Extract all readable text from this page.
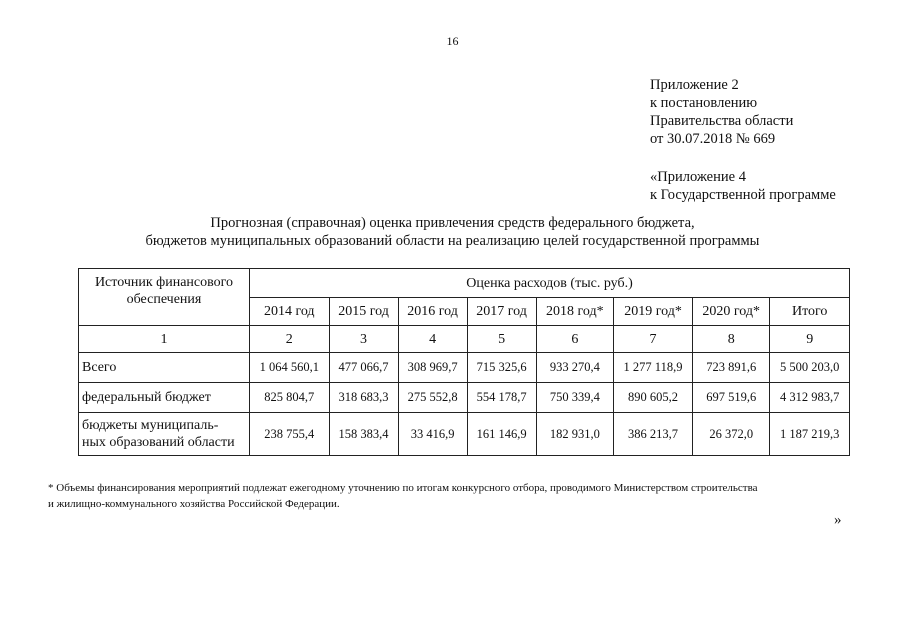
16
Приложение 2
к постановлению
Правительства области
от 30.07.2018 № 669
«Приложение 4
к Государственной программе
Прогнозная (справочная) оценка привлечения средств федерального бюджета,
бюджетов муниципальных образований области на реализацию целей государственной программы
Источник финансового обеспечения	Оценка расходов (тыс. руб.)							
	2014 год	2015 год	2016 год	2017 год	2018 год*	2019 год*	2020 год*	Итого
1	2	3	4	5	6	7	8	9
Всего	1 064 560,1	477 066,7	308 969,7	715 325,6	933 270,4	1 277 118,9	723 891,6	5 500 203,0
федеральный бюджет	825 804,7	318 683,3	275 552,8	554 178,7	750 339,4	890 605,2	697 519,6	4 312 983,7

бюджеты муниципаль-
ных образований области	238 755,4	158 383,4	33 416,9	161 146,9	182 931,0	386 213,7	26 372,0	1 187 219,3
* Объемы финансирования мероприятий подлежат ежегодному уточнению по итогам конкурсного отбора, проводимого Министерством строительства
и жилищно-коммунального хозяйства Российской Федерации.
»
